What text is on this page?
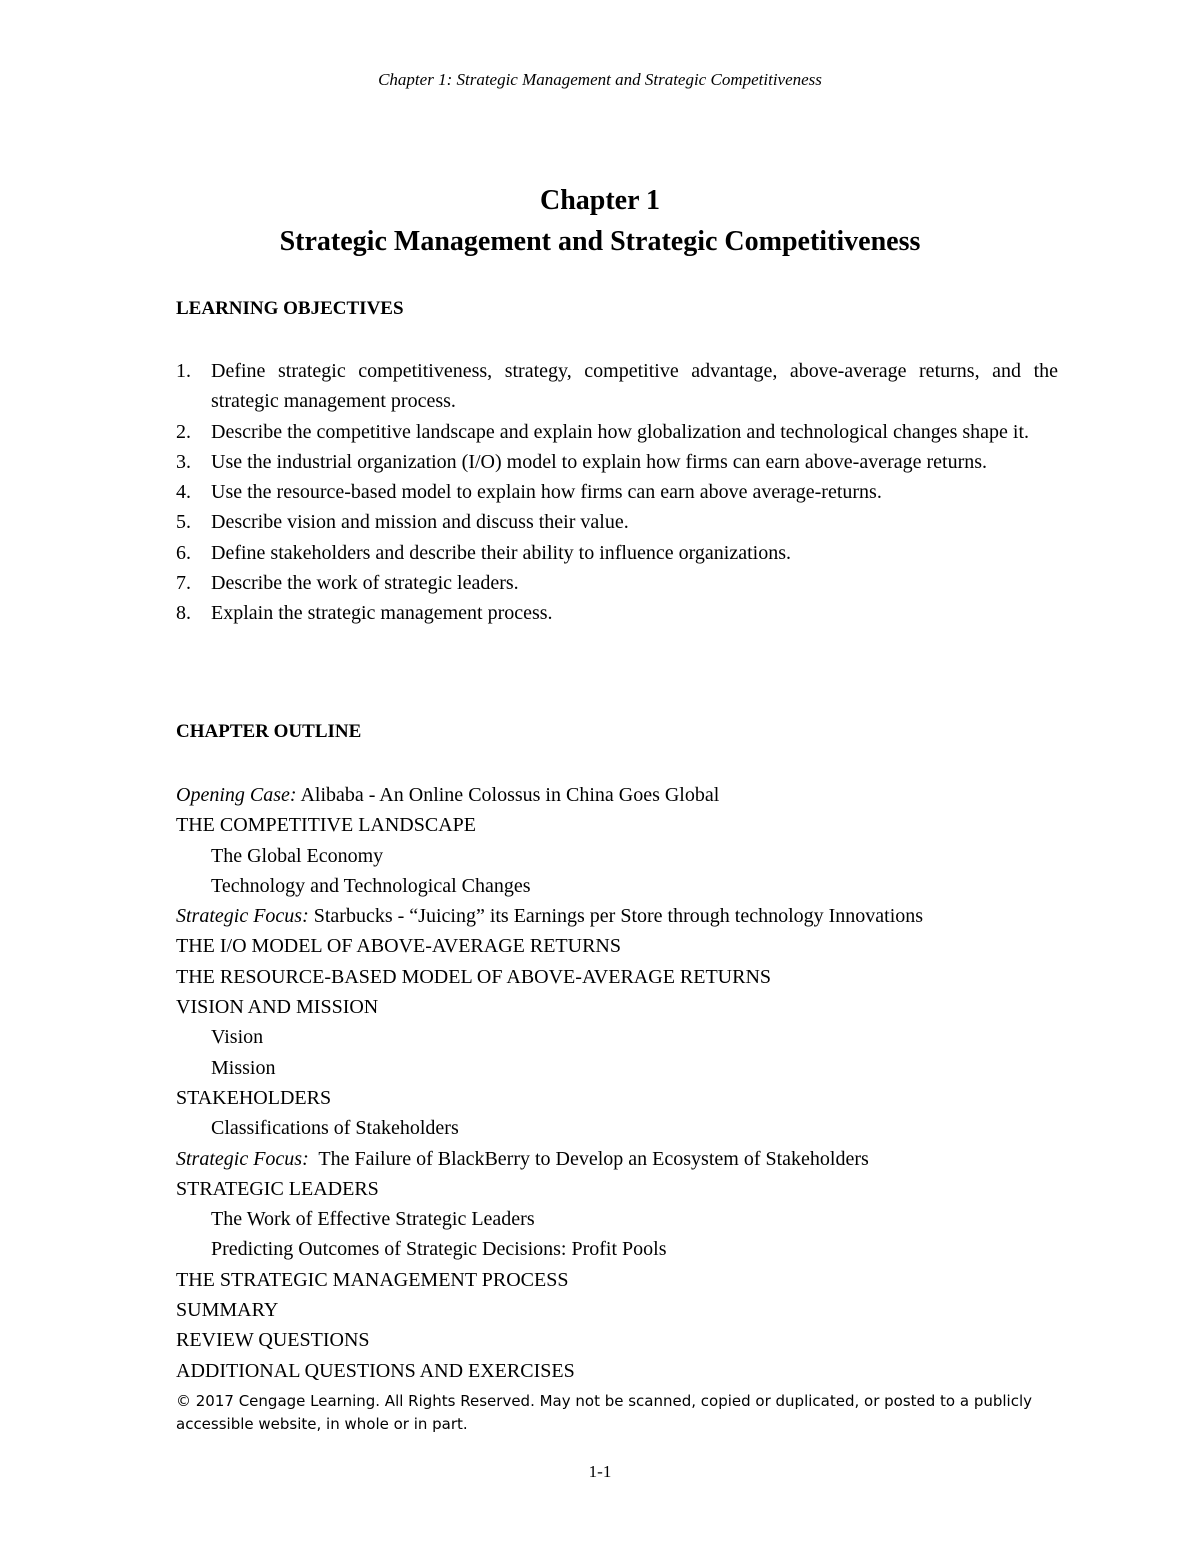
Chapter 1: Strategic Management and Strategic Competitiveness
Chapter 1
Strategic Management and Strategic Competitiveness
LEARNING OBJECTIVES
1. Define strategic competitiveness, strategy, competitive advantage, above-average returns, and the strategic management process.
2. Describe the competitive landscape and explain how globalization and technological changes shape it.
3. Use the industrial organization (I/O) model to explain how firms can earn above-average returns.
4. Use the resource-based model to explain how firms can earn above average-returns.
5. Describe vision and mission and discuss their value.
6. Define stakeholders and describe their ability to influence organizations.
7. Describe the work of strategic leaders.
8. Explain the strategic management process.
CHAPTER OUTLINE
Opening Case: Alibaba - An Online Colossus in China Goes Global
THE COMPETITIVE LANDSCAPE
The Global Economy
Technology and Technological Changes
Strategic Focus: Starbucks - “Juicing” its Earnings per Store through technology Innovations
THE I/O MODEL OF ABOVE-AVERAGE RETURNS
THE RESOURCE-BASED MODEL OF ABOVE-AVERAGE RETURNS
VISION AND MISSION
Vision
Mission
STAKEHOLDERS
Classifications of Stakeholders
Strategic Focus:  The Failure of BlackBerry to Develop an Ecosystem of Stakeholders
STRATEGIC LEADERS
The Work of Effective Strategic Leaders
Predicting Outcomes of Strategic Decisions: Profit Pools
THE STRATEGIC MANAGEMENT PROCESS
SUMMARY
REVIEW QUESTIONS
ADDITIONAL QUESTIONS AND EXERCISES
© 2017 Cengage Learning. All Rights Reserved. May not be scanned, copied or duplicated, or posted to a publicly accessible website, in whole or in part.
1-1
